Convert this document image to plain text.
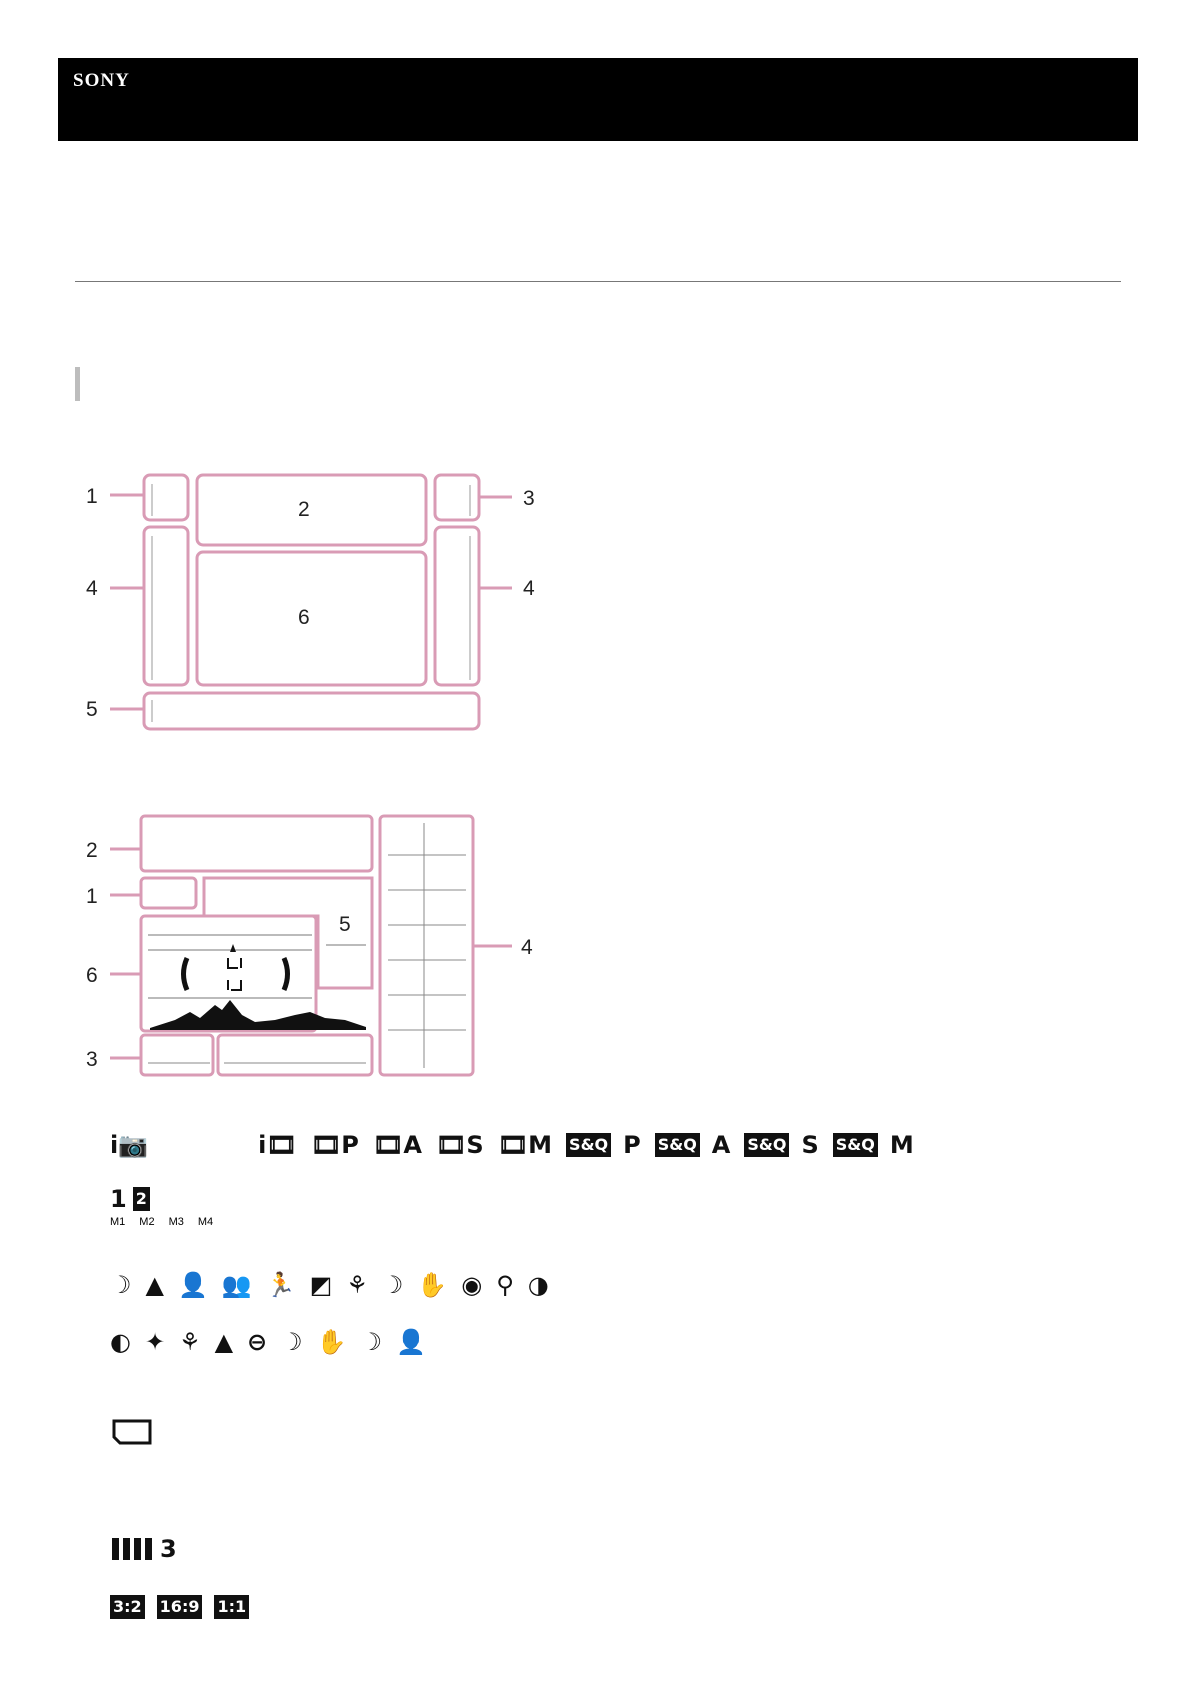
SONY
1
2	3
4	4
6
5
2
1
5
4
6
3
i📷	i🎞 🎞P 🎞A 🎞S 🎞M S&Q P S&Q A S&Q S S&Q M
1 2
M1 M2 M3 M4
☽ ▲ 👤 👥 🏃 ◩ ⚘ ☽ ✋ ◉ ⚲ ◑
◐ ✦ ⚘ ▲ ⊖ ☽ ✋ ☽ 👤
3
3:2 16:9 1:1
